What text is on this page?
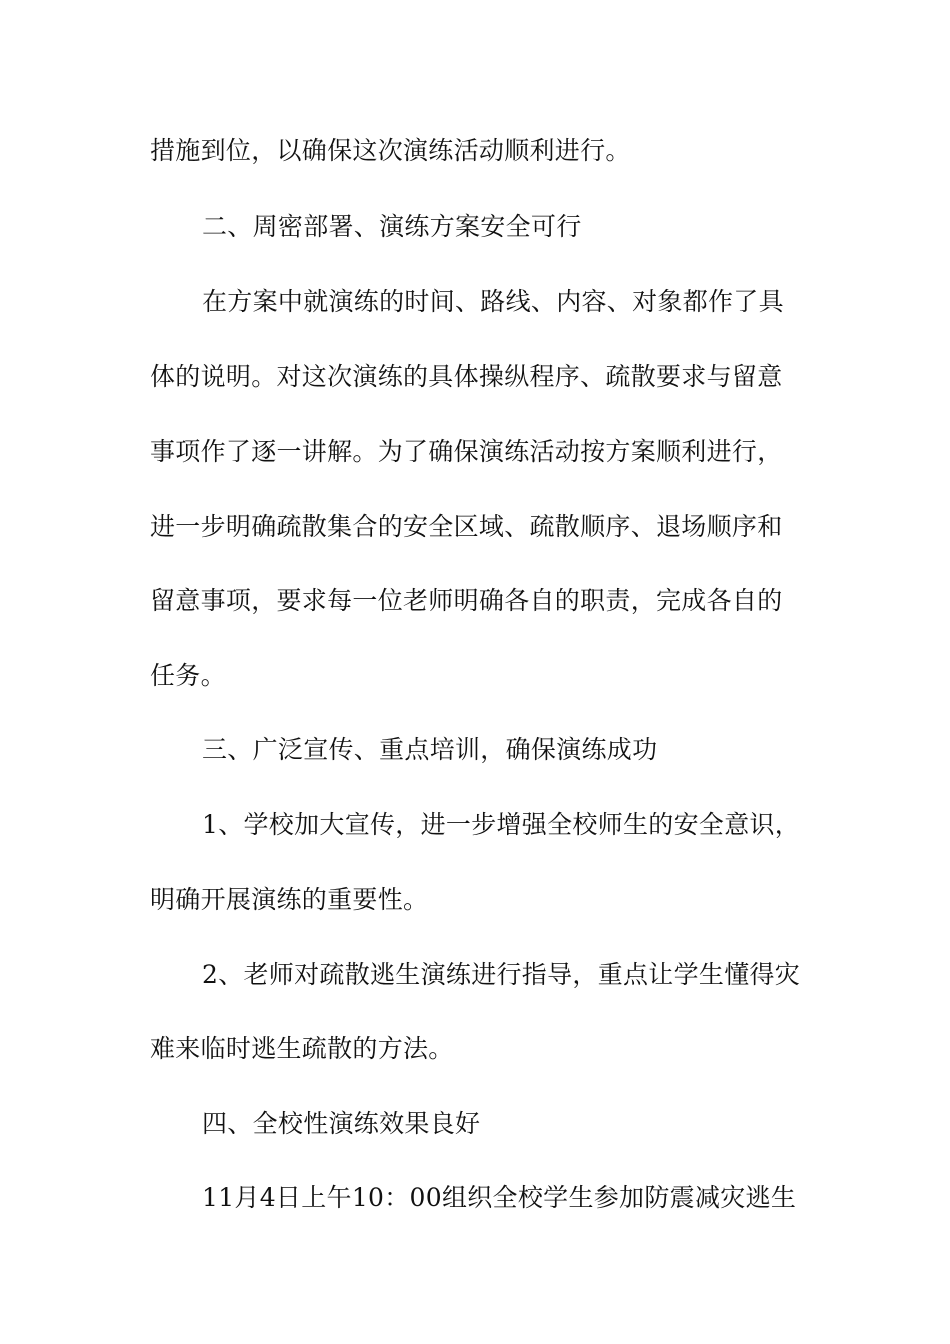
措施到位，以确保这次演练活动顺利进行。
二、周密部署、演练方案安全可行
在方案中就演练的时间、路线、内容、对象都作了具
体的说明。对这次演练的具体操纵程序、疏散要求与留意
事项作了逐一讲解。为了确保演练活动按方案顺利进行，
进一步明确疏散集合的安全区域、疏散顺序、退场顺序和
留意事项，要求每一位老师明确各自的职责，完成各自的
任务。
三、广泛宣传、重点培训，确保演练成功
1、学校加大宣传，进一步增强全校师生的安全意识，
明确开展演练的重要性。
2、老师对疏散逃生演练进行指导，重点让学生懂得灾
难来临时逃生疏散的方法。
四、全校性演练效果良好
11月4日上午10：00组织全校学生参加防震减灾逃生
